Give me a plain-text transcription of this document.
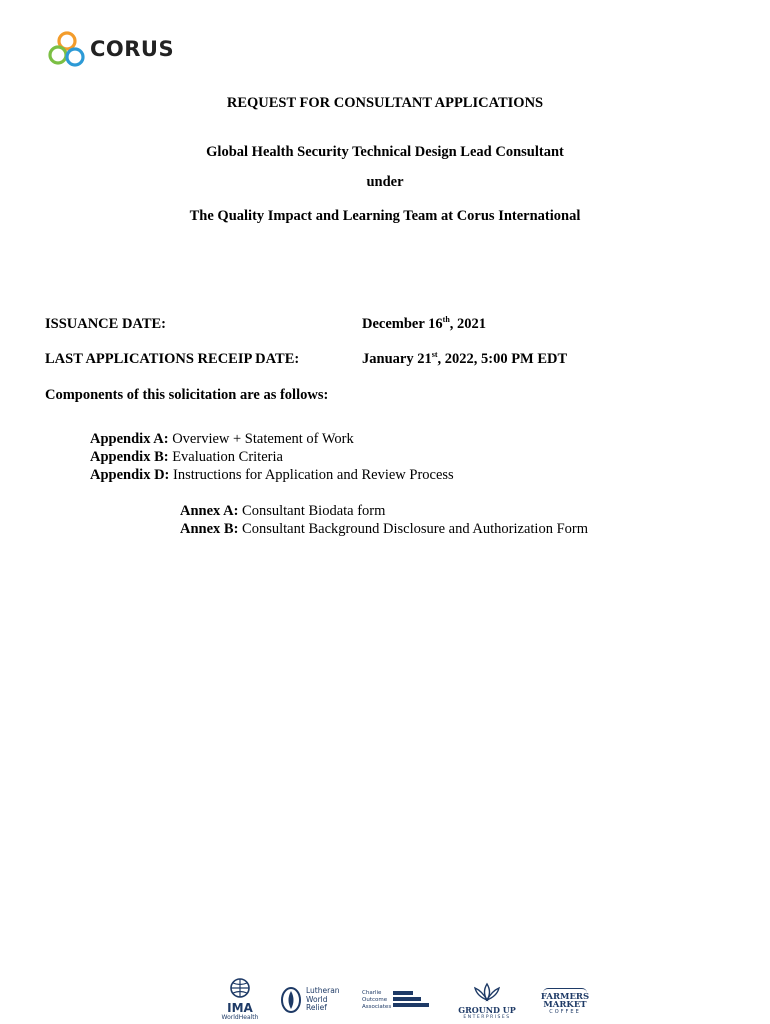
CORUS
REQUEST FOR CONSULTANT APPLICATIONS
Global Health Security Technical Design Lead Consultant
under
The Quality Impact and Learning Team at Corus International
ISSUANCE DATE:	December 16th, 2021
LAST APPLICATIONS RECEIP DATE:	January 21st, 2022, 5:00 PM EDT
Components of this solicitation are as follows:
Appendix A: Overview + Statement of Work
Appendix B: Evaluation Criteria
Appendix D: Instructions for Application and Review Process
Annex A: Consultant Biodata form
Annex B: Consultant Background Disclosure and Authorization Form
IMA
WorldHealth
Lutheran
World
Relief
Charlie
Outcome
Associates	GROUND UP
ENTERPRISES
FARMERS
MARKET
COFFEE
